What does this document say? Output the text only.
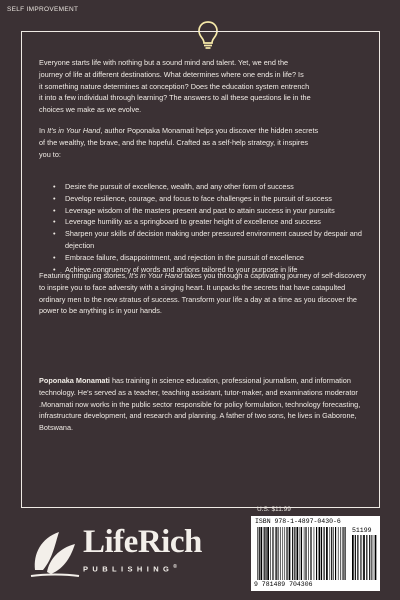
SELF IMPROVEMENT

Everyone starts life with nothing but a sound mind and talent. Yet, we end the
journey of life at different destinations. What determines where one ends in life? Is
it something nature determines at conception? Does the education system entrench
it into a few individual through learning? The answers to all these questions lie in the
choices we make as we evolve.

In It's in Your Hand, author Poponaka Monamati helps you discover the hidden secrets
of the wealthy, the brave, and the hopeful. Crafted as a self-help strategy, it inspires
you to:

• Desire the pursuit of excellence, wealth, and any other form of success
• Develop resilience, courage, and focus to face challenges in the pursuit of success
• Leverage wisdom of the masters present and past to attain success in your pursuits
• Leverage humility as a springboard to greater height of excellence and success
• Sharpen your skills of decision making under pressured environment caused by despair and dejection
• Embrace failure, disappointment, and rejection in the pursuit of excellence
• Achieve congruency of words and actions tailored to your purpose in life

Featuring intriguing stories, It's in Your Hand takes you through a captivating journey of self-discovery to inspire you to face adversity with a singing heart. It unpacks the secrets that have catapulted ordinary men to the new stratus of success. Transform your life a day at a time as you discover the power to be anything is in your hands.

Poponaka Monamati has training in science education, professional journalism, and information technology. He's served as a teacher, teaching assistant, tutor-maker, and examinations moderator .Monamati now works in the public sector responsible for policy formulation, technology forecasting, infrastructure development, and research and planning. A father of two sons, he lives in Gaborone, Botswana.

LifeRich
PUBLISHING®
U.S. $11.99
ISBN 978-1-4897-0430-6
9 781489 704306
51199
